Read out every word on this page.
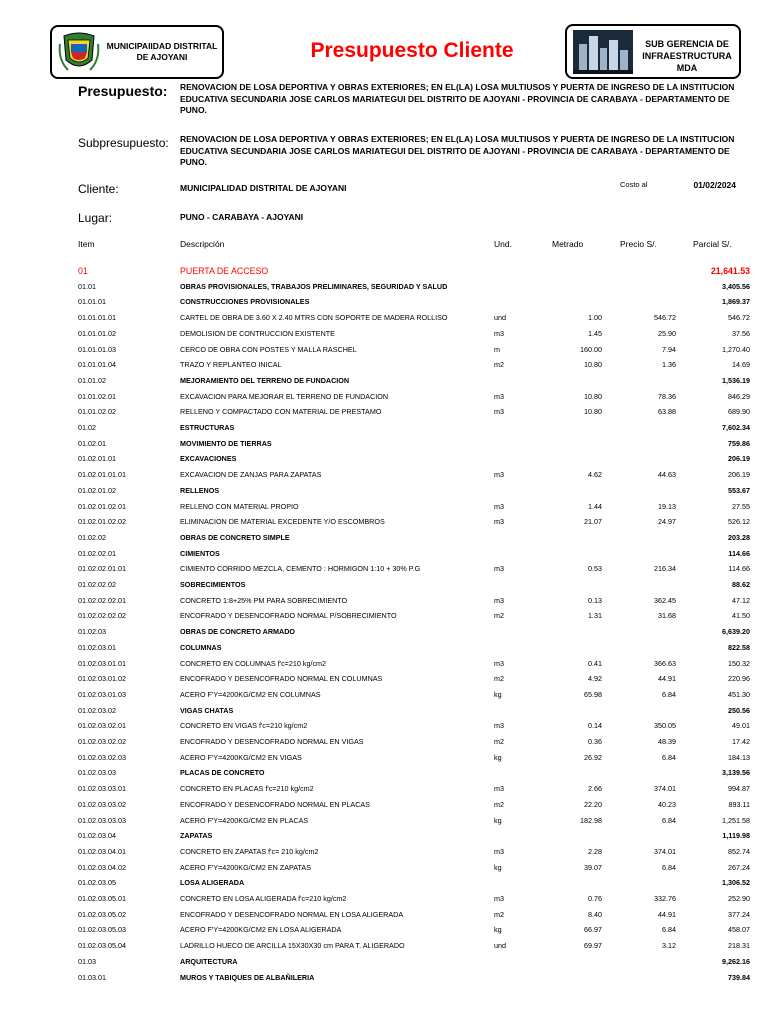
MUNICIPAIIDAD DISTRITAL DE AJOYANI	Presupuesto Cliente	SUB GERENCIA DE INFRAESTRUCTURA MDA
Presupuesto: RENOVACION DE LOSA DEPORTIVA Y OBRAS EXTERIORES; EN EL(LA) LOSA MULTIUSOS Y PUERTA DE INGRESO DE LA INSTITUCION EDUCATIVA SECUNDARIA JOSE CARLOS MARIATEGUI DEL DISTRITO DE AJOYANI - PROVINCIA DE CARABAYA - DEPARTAMENTO DE PUNO.
Subpresupuesto: RENOVACION DE LOSA DEPORTIVA Y OBRAS EXTERIORES; EN EL(LA) LOSA MULTIUSOS Y PUERTA DE INGRESO DE LA INSTITUCION EDUCATIVA SECUNDARIA JOSE CARLOS MARIATEGUI DEL DISTRITO DE AJOYANI - PROVINCIA DE CARABAYA - DEPARTAMENTO DE PUNO.
Cliente:	MUNICIPALIDAD DISTRITAL DE AJOYANI	Costo al	01/02/2024
Lugar:	PUNO - CARABAYA - AJOYANI
Item	Descripción	Und.	Metrado	Precio S/.	Parcial S/.
01	PUERTA DE ACCESO	21,641.53
01.01	OBRAS PROVISIONALES, TRABAJOS PRELIMINARES, SEGURIDAD Y SALUD	3,405.56
01.01.01	CONSTRUCCIONES PROVISIONALES	1,869.37
01.01.01.01	CARTEL DE OBRA DE 3.60 X 2.40 MTRS CON SOPORTE DE MADERA ROLLISO	und	1.00	546.72	546.72
01.01.01.02	DEMOLISION DE CONTRUCCION EXISTENTE	m3	1.45	25.90	37.56
01.01.01.03	CERCO DE OBRA CON POSTES Y MALLA RASCHEL	m	160.00	7.94	1,270.40
01.01.01.04	TRAZO Y REPLANTEO INICAL	m2	10.80	1.36	14.69
01.01.02	MEJORAMIENTO DEL TERRENO DE FUNDACION	1,536.19
01.01.02.01	EXCAVACION PARA MEJORAR EL TERRENO DE FUNDACION	m3	10.80	78.36	846.29
01.01.02.02	RELLENO Y COMPACTADO CON MATERIAL DE PRESTAMO	m3	10.80	63.88	689.90
01.02	ESTRUCTURAS	7,602.34
01.02.01	MOVIMIENTO DE TIERRAS	759.86
01.02.01.01	EXCAVACIONES	206.19
01.02.01.01.01	EXCAVACION DE ZANJAS PARA ZAPATAS	m3	4.62	44.63	206.19
01.02.01.02	RELLENOS	553.67
01.02.01.02.01	RELLENO CON MATERIAL PROPIO	m3	1.44	19.13	27.55
01.02.01.02.02	ELIMINACION DE MATERIAL EXCEDENTE Y/O ESCOMBROS	m3	21.07	24.97	526.12
01.02.02	OBRAS DE CONCRETO SIMPLE	203.28
01.02.02.01	CIMIENTOS	114.66
01.02.02.01.01	CIMIENTO CORRIDO MEZCLA, CEMENTO : HORMIGON 1:10 + 30% P.G	m3	0.53	216.34	114.66
01.02.02.02	SOBRECIMIENTOS	88.62
01.02.02.02.01	CONCRETO 1:8+25% PM PARA SOBRECIMIENTO	m3	0.13	362.45	47.12
01.02.02.02.02	ENCOFRADO Y DESENCOFRADO NORMAL P/SOBRECIMIENTO	m2	1.31	31.68	41.50
01.02.03	OBRAS DE CONCRETO ARMADO	6,639.20
01.02.03.01	COLUMNAS	822.58
01.02.03.01.01	CONCRETO EN COLUMNAS f'c=210 kg/cm2	m3	0.41	366.63	150.32
01.02.03.01.02	ENCOFRADO Y DESENCOFRADO NORMAL EN COLUMNAS	m2	4.92	44.91	220.96
01.02.03.01.03	ACERO F'Y=4200KG/CM2 EN COLUMNAS	kg	65.98	6.84	451.30
01.02.03.02	VIGAS CHATAS	250.56
01.02.03.02.01	CONCRETO EN VIGAS f'c=210 kg/cm2	m3	0.14	350.05	49.01
01.02.03.02.02	ENCOFRADO Y DESENCOFRADO NORMAL EN VIGAS	m2	0.36	48.39	17.42
01.02.03.02.03	ACERO F'Y=4200KG/CM2 EN VIGAS	kg	26.92	6.84	184.13
01.02.03.03	PLACAS DE CONCRETO	3,139.56
01.02.03.03.01	CONCRETO EN PLACAS f'c=210 kg/cm2	m3	2.66	374.01	994.87
01.02.03.03.02	ENCOFRADO Y DESENCOFRADO NORMAL EN PLACAS	m2	22.20	40.23	893.11
01.02.03.03.03	ACERO F'Y=4200KG/CM2 EN PLACAS	kg	182.98	6.84	1,251.58
01.02.03.04	ZAPATAS	1,119.98
01.02.03.04.01	CONCRETO EN ZAPATAS f'c= 210 kg/cm2	m3	2.28	374.01	852.74
01.02.03.04.02	ACERO F'Y=4200KG/CM2 EN ZAPATAS	kg	39.07	6.84	267.24
01.02.03.05	LOSA ALIGERADA	1,306.52
01.02.03.05.01	CONCRETO EN LOSA ALIGERADA f'c=210 kg/cm2	m3	0.76	332.76	252.90
01.02.03.05.02	ENCOFRADO Y DESENCOFRADO NORMAL EN LOSA ALIGERADA	m2	8.40	44.91	377.24
01.02.03.05.03	ACERO F'Y=4200KG/CM2 EN LOSA ALIGERADA	kg	66.97	6.84	458.07
01.02.03.05.04	LADRILLO HUECO DE ARCILLA 15X30X30 cm PARA T. ALIGERADO	und	69.97	3.12	218.31
01.03	ARQUITECTURA	9,262.16
01.03.01	MUROS Y TABIQUES DE ALBAÑILERIA	739.84
